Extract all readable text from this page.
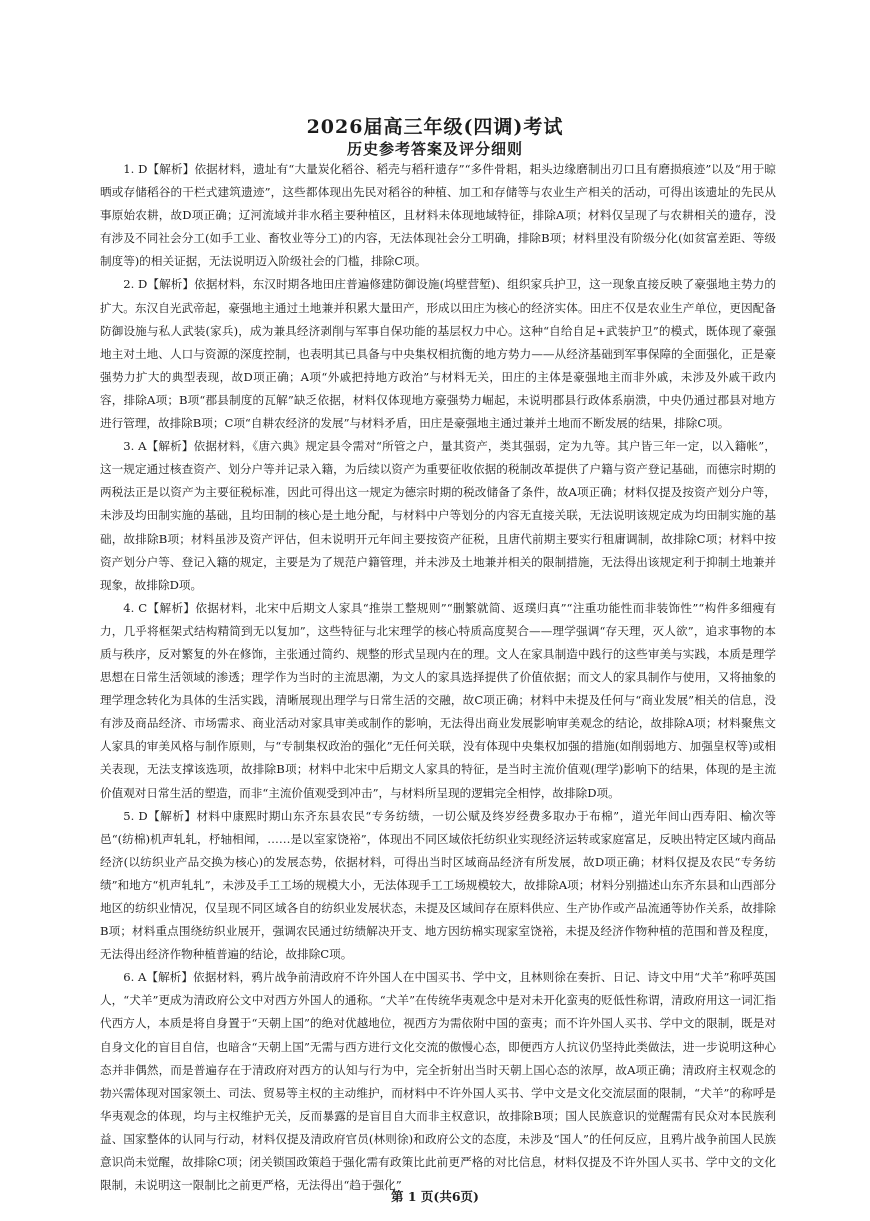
2026届高三年级(四调)考试
历史参考答案及评分细则

1. D【解析】依据材料，遗址有“大量炭化稻谷、稻壳与稻秆遗存”“多件骨耜，耜头边缘磨制出刃口且有磨损痕迹”以及“用于晾晒或存储稻谷的干栏式建筑遗迹”，这些都体现出先民对稻谷的种植、加工和存储等与农业生产相关的活动，可得出该遗址的先民从事原始农耕，故D项正确；辽河流域并非水稻主要种植区，且材料未体现地域特征，排除A项；材料仅呈现了与农耕相关的遗存，没有涉及不同社会分工(如手工业、畜牧业等分工)的内容，无法体现社会分工明确，排除B项；材料里没有阶级分化(如贫富差距、等级制度等)的相关证据，无法说明迈入阶级社会的门槛，排除C项。

2. D【解析】依据材料，东汉时期各地田庄普遍修建防御设施(坞壁营堑)、组织家兵护卫，这一现象直接反映了豪强地主势力的扩大。东汉自光武帝起，豪强地主通过土地兼并积累大量田产，形成以田庄为核心的经济实体。田庄不仅是农业生产单位，更因配备防御设施与私人武装(家兵)，成为兼具经济剥削与军事自保功能的基层权力中心。这种“自给自足+武装护卫”的模式，既体现了豪强地主对土地、人口与资源的深度控制，也表明其已具备与中央集权相抗衡的地方势力——从经济基础到军事保障的全面强化，正是豪强势力扩大的典型表现，故D项正确；A项“外戚把持地方政治”与材料无关，田庄的主体是豪强地主而非外戚，未涉及外戚干政内容，排除A项；B项“郡县制度的瓦解”缺乏依据，材料仅体现地方豪强势力崛起，未说明郡县行政体系崩溃，中央仍通过郡县对地方进行管理，故排除B项；C项“自耕农经济的发展”与材料矛盾，田庄是豪强地主通过兼并土地而不断发展的结果，排除C项。

3. A【解析】依据材料，《唐六典》规定县令需对“所管之户，量其资产，类其强弱，定为九等。其户皆三年一定，以入籍帐”，这一规定通过核查资产、划分户等并记录入籍，为后续以资产为重要征收依据的税制改革提供了户籍与资产登记基础，而德宗时期的两税法正是以资产为主要征税标准，因此可得出这一规定为德宗时期的税改储备了条件，故A项正确；材料仅提及按资产划分户等，未涉及均田制实施的基础，且均田制的核心是土地分配，与材料中户等划分的内容无直接关联，无法说明该规定成为均田制实施的基础，故排除B项；材料虽涉及资产评估，但未说明开元年间主要按资产征税，且唐代前期主要实行租庸调制，故排除C项；材料中按资产划分户等、登记入籍的规定，主要是为了规范户籍管理，并未涉及土地兼并相关的限制措施，无法得出该规定利于抑制土地兼并现象，故排除D项。

4. C【解析】依据材料，北宋中后期文人家具“推崇工整规则”“删繁就简、返璞归真”“注重功能性而非装饰性”“构件多细瘦有力，几乎将框架式结构精简到无以复加”，这些特征与北宋理学的核心特质高度契合——理学强调“存天理，灭人欲”，追求事物的本质与秩序，反对繁复的外在修饰，主张通过简约、规整的形式呈现内在的理。文人在家具制造中践行的这些审美与实践，本质是理学思想在日常生活领域的渗透；理学作为当时的主流思潮，为文人的家具选择提供了价值依据；而文人的家具制作与使用，又将抽象的理学理念转化为具体的生活实践，清晰展现出理学与日常生活的交融，故C项正确；材料中未提及任何与“商业发展”相关的信息，没有涉及商品经济、市场需求、商业活动对家具审美或制作的影响，无法得出商业发展影响审美观念的结论，故排除A项；材料聚焦文人家具的审美风格与制作原则，与“专制集权政治的强化”无任何关联，没有体现中央集权加强的措施(如削弱地方、加强皇权等)或相关表现，无法支撑该选项，故排除B项；材料中北宋中后期文人家具的特征，是当时主流价值观(理学)影响下的结果，体现的是主流价值观对日常生活的塑造，而非“主流价值观受到冲击”，与材料所呈现的逻辑完全相悖，故排除D项。

5. D【解析】材料中康熙时期山东齐东县农民“专务纺绩，一切公赋及终岁经费多取办于布棉”，道光年间山西寿阳、榆次等邑“(纺棉)机声轧轧，杼轴相闻，……是以室家饶裕”，体现出不同区域依托纺织业实现经济运转或家庭富足，反映出特定区域内商品经济(以纺织业产品交换为核心)的发展态势，依据材料，可得出当时区域商品经济有所发展，故D项正确；材料仅提及农民“专务纺绩”和地方“机声轧轧”，未涉及手工工场的规模大小，无法体现手工工场规模较大，故排除A项；材料分别描述山东齐东县和山西部分地区的纺织业情况，仅呈现不同区域各自的纺织业发展状态，未提及区域间存在原料供应、生产协作或产品流通等协作关系，故排除B项；材料重点围绕纺织业展开，强调农民通过纺绩解决开支、地方因纺棉实现家室饶裕，未提及经济作物种植的范围和普及程度，无法得出经济作物种植普遍的结论，故排除C项。

6. A【解析】依据材料，鸦片战争前清政府不许外国人在中国买书、学中文，且林则徐在奏折、日记、诗文中用“犬羊”称呼英国人，“犬羊”更成为清政府公文中对西方外国人的通称。“犬羊”在传统华夷观念中是对未开化蛮夷的贬低性称谓，清政府用这一词汇指代西方人，本质是将自身置于“天朝上国”的绝对优越地位，视西方为需依附中国的蛮夷；而不许外国人买书、学中文的限制，既是对自身文化的盲目自信，也暗含“天朝上国”无需与西方进行文化交流的傲慢心态，即便西方人抗议仍坚持此类做法，进一步说明这种心态并非偶然，而是普遍存在于清政府对西方的认知与行为中，完全折射出当时天朝上国心态的浓厚，故A项正确；清政府主权观念的勃兴需体现对国家领土、司法、贸易等主权的主动维护，而材料中不许外国人买书、学中文是文化交流层面的限制，“犬羊”的称呼是华夷观念的体现，均与主权维护无关，反而暴露的是盲目自大而非主权意识，故排除B项；国人民族意识的觉醒需有民众对本民族利益、国家整体的认同与行动，材料仅提及清政府官员(林则徐)和政府公文的态度，未涉及“国人”的任何反应，且鸦片战争前国人民族意识尚未觉醒，故排除C项；闭关锁国政策趋于强化需有政策比此前更严格的对比信息，材料仅提及不许外国人买书、学中文的文化限制，未说明这一限制比之前更严格，无法得出“趋于强化”

第 1 页(共6页)
